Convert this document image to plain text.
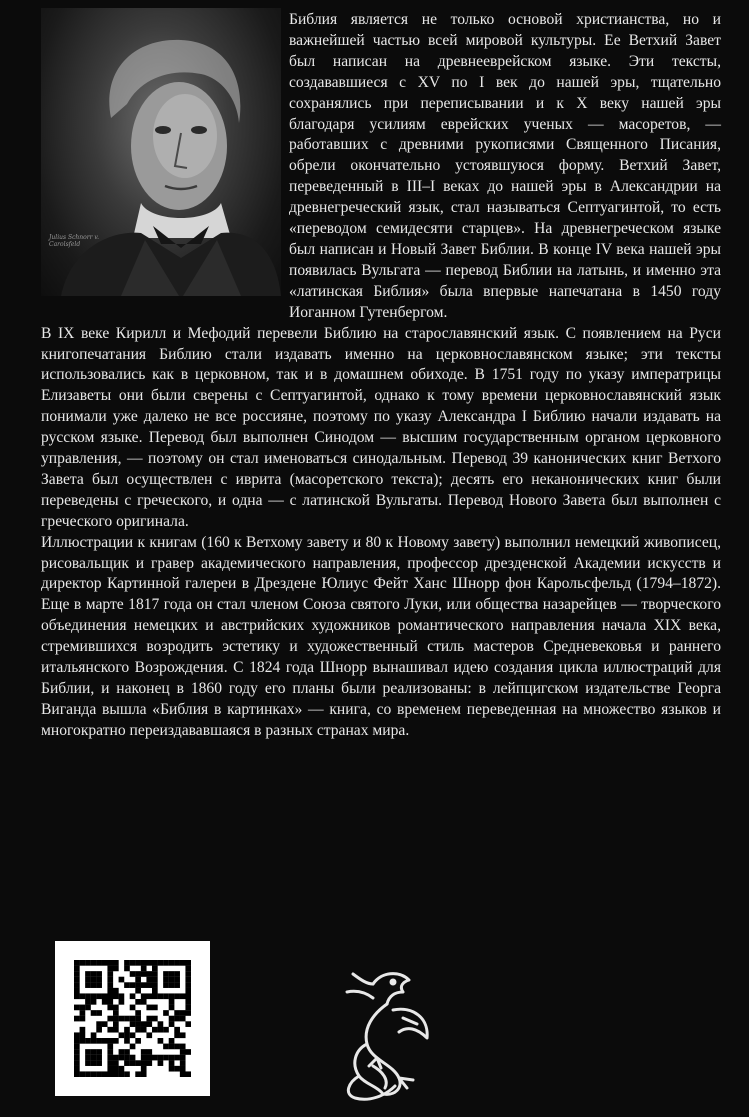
Julius Schnorr v. Carolsfeld

Библия является не только основой христианства, но и важнейшей частью всей мировой культуры. Ее Ветхий Завет был написан на древнееврейском языке. Эти тексты, создававшиеся с XV по I век до нашей эры, тщательно сохранялись при переписывании и к X веку нашей эры благодаря усилиям еврейских ученых — масоретов, — работавших с древними рукописями Священного Писания, обрели окончательно устоявшуюся форму. Ветхий Завет, переведенный в III–I веках до нашей эры в Александрии на древнегреческий язык, стал называться Септуагинтой, то есть «переводом семидесяти старцев». На древнегреческом языке был написан и Новый Завет Библии. В конце IV века нашей эры появилась Вульгата — перевод Библии на латынь, и именно эта «латинская Библия» была впервые напечатана в 1450 году Иоганном Гутенбергом.

В IX веке Кирилл и Мефодий перевели Библию на старославянский язык. С появлением на Руси книгопечатания Библию стали издавать именно на церковнославянском языке; эти тексты использовались как в церковном, так и в домашнем обиходе. В 1751 году по указу императрицы Елизаветы они были сверены с Септуагинтой, однако к тому времени церковнославянский язык понимали уже далеко не все россияне, поэтому по указу Александра I Библию начали издавать на русском языке. Перевод был выполнен Синодом — высшим государственным органом церковного управления, — поэтому он стал именоваться синодальным. Перевод 39 канонических книг Ветхого Завета был осуществлен с иврита (масоретского текста); десять его неканонических книг были переведены с греческого, и одна — с латинской Вульгаты. Перевод Нового Завета был выполнен с греческого оригинала.

Иллюстрации к книгам (160 к Ветхому завету и 80 к Новому завету) выполнил немецкий живописец, рисовальщик и гравер академического направления, профессор дрезденской Академии искусств и директор Картинной галереи в Дрездене Юлиус Фейт Ханс Шнорр фон Карольсфельд (1794–1872). Еще в марте 1817 года он стал членом Союза святого Луки, или общества назарейцев — творческого объединения немецких и австрийских художников романтического направления начала XIX века, стремившихся возродить эстетику и художественный стиль мастеров Средневековья и раннего итальянского Возрождения. С 1824 года Шнорр вынашивал идею создания цикла иллюстраций для Библии, и наконец в 1860 году его планы были реализованы: в лейпцигском издательстве Георга Виганда вышла «Библия в картинках» — книга, со временем переведенная на множество языков и многократно переиздававшаяся в разных странах мира.
